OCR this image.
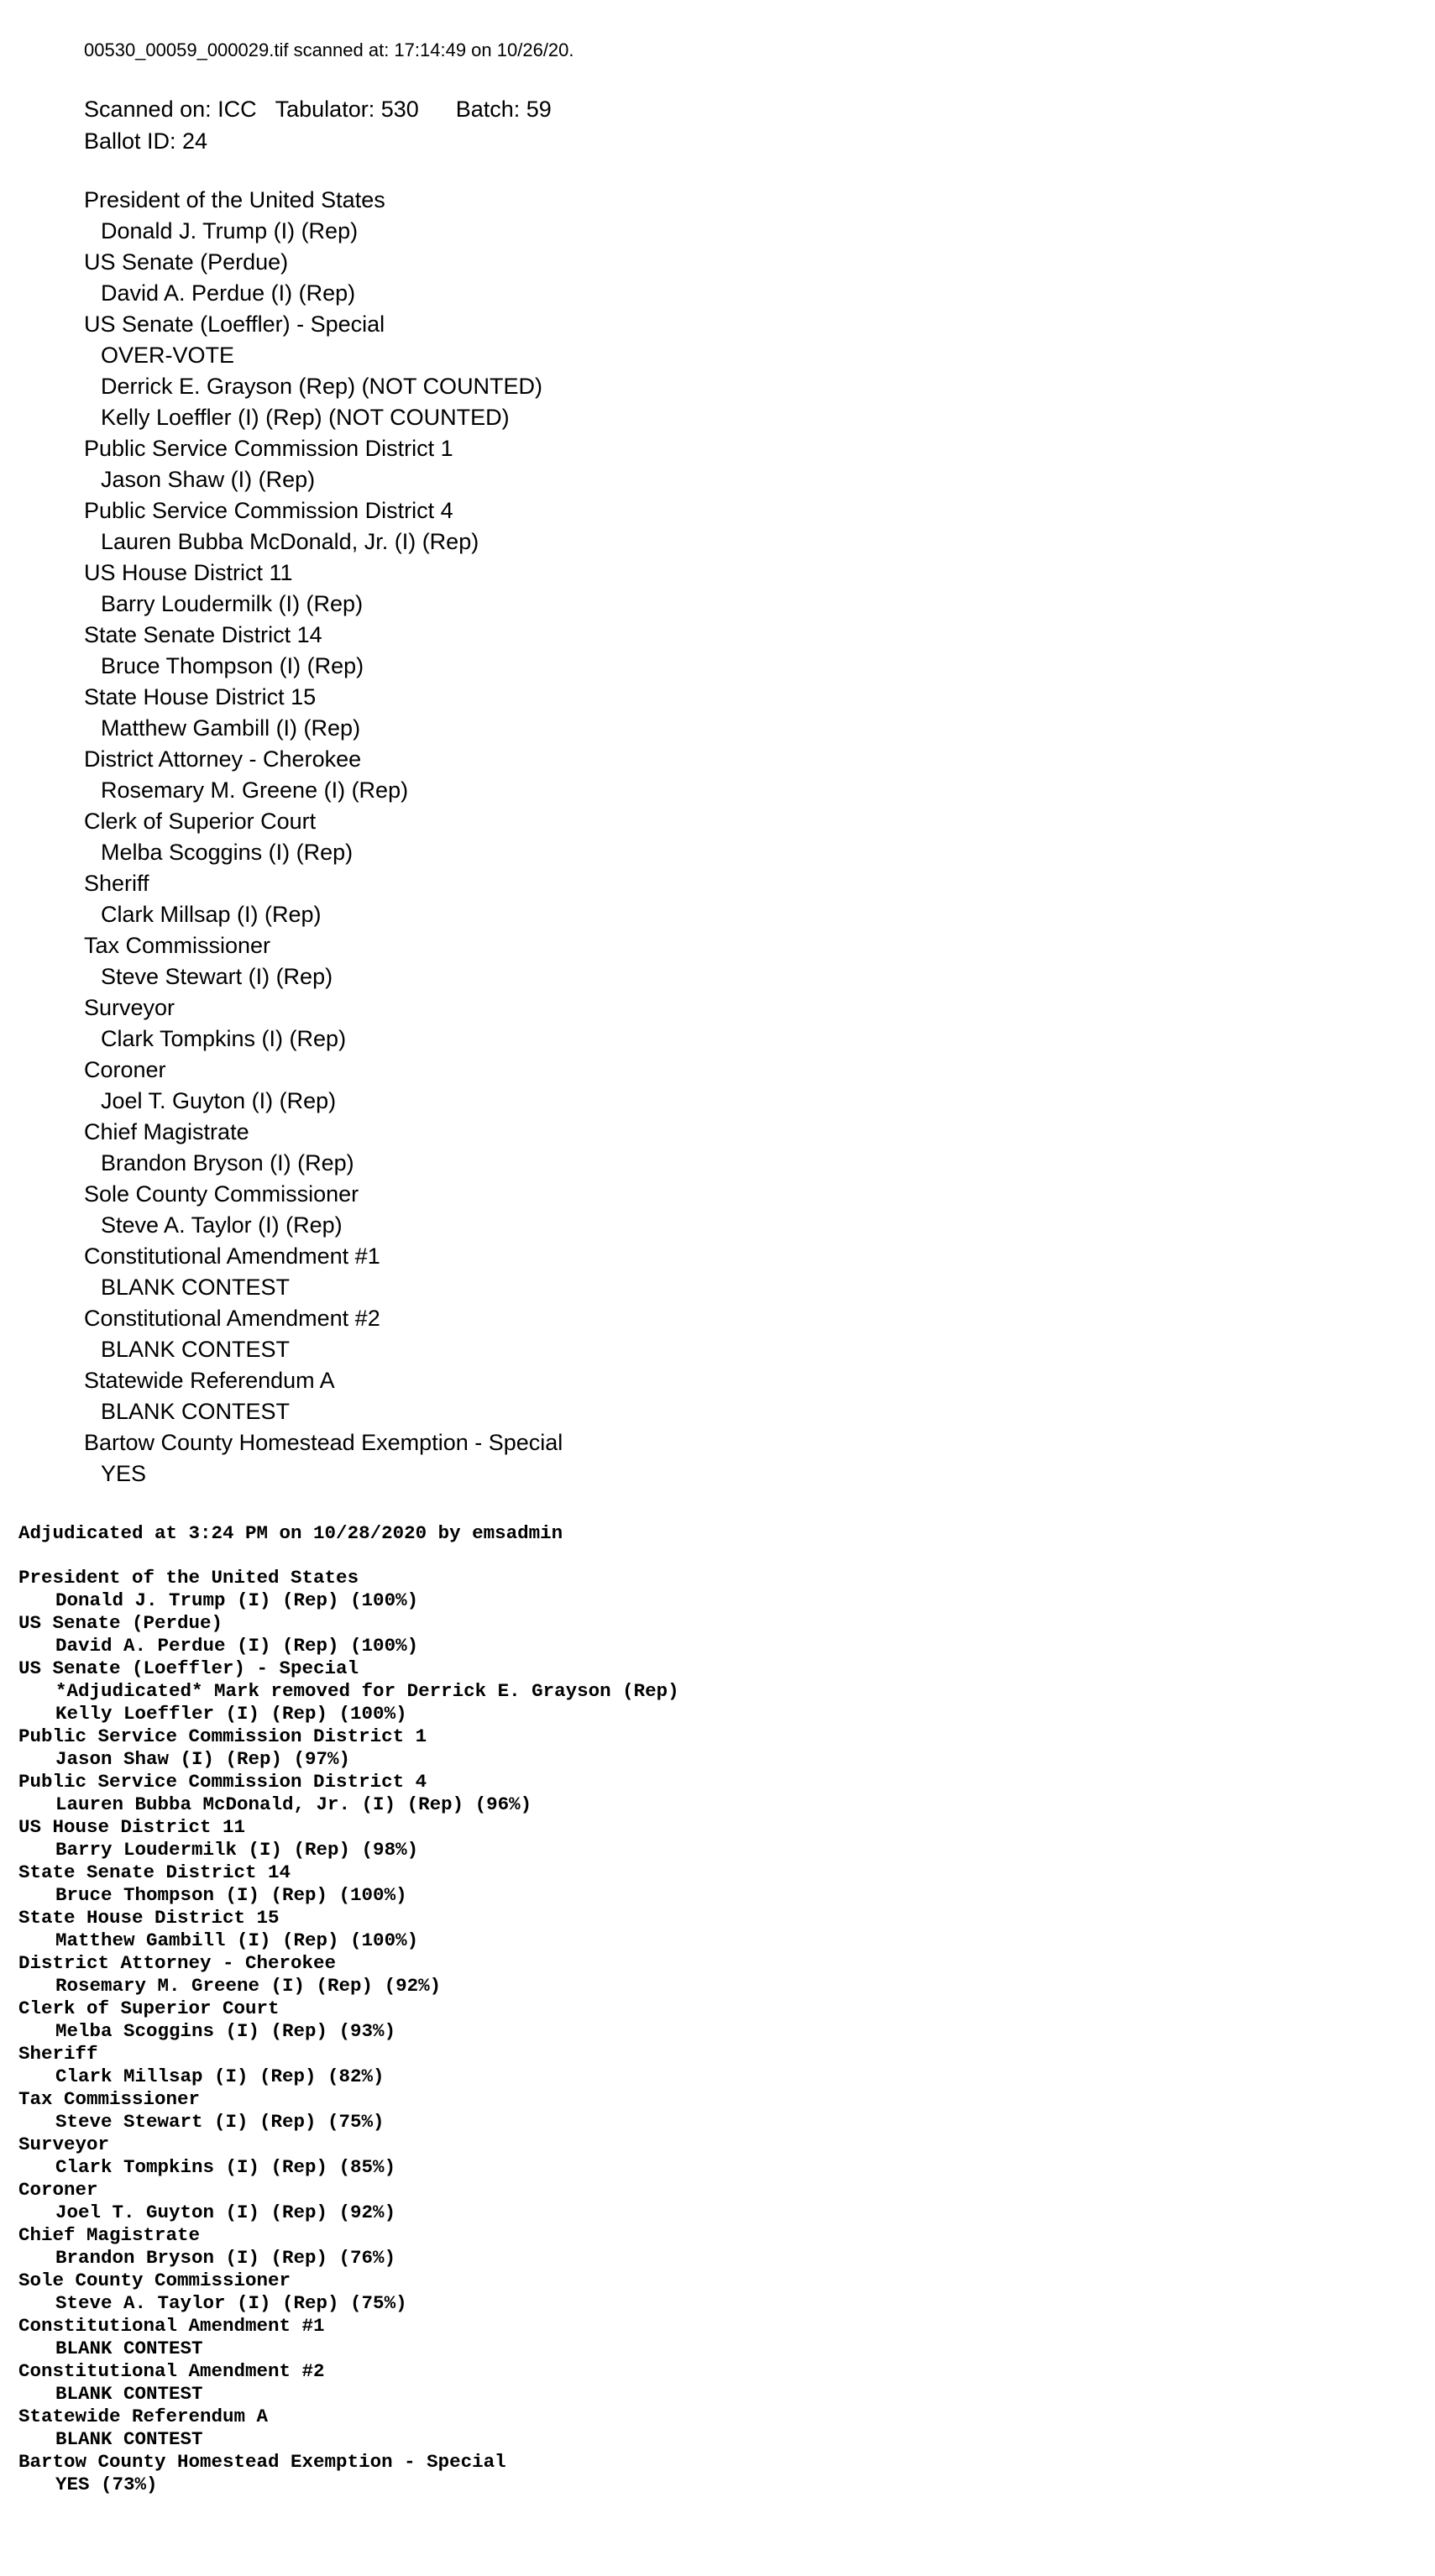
00530_00059_000029.tif scanned at: 17:14:49 on 10/26/20.

Scanned on: ICC Tabulator: 530 Batch: 59
Ballot ID: 24
President of the United States
Donald J. Trump (I) (Rep)
US Senate (Perdue)
David A. Perdue (I) (Rep)
US Senate (Loeffler) - Special
OVER-VOTE
Derrick E. Grayson (Rep) (NOT COUNTED)
Kelly Loeffler (I) (Rep) (NOT COUNTED)
Public Service Commission District 1
Jason Shaw (I) (Rep)
Public Service Commission District 4
Lauren Bubba McDonald, Jr. (I) (Rep)
US House District 11
Barry Loudermilk (I) (Rep)
State Senate District 14
Bruce Thompson (I) (Rep)
State House District 15
Matthew Gambill (I) (Rep)
District Attorney - Cherokee
Rosemary M. Greene (I) (Rep)
Clerk of Superior Court
Melba Scoggins (I) (Rep)
Sheriff
Clark Millsap (I) (Rep)
Tax Commissioner
Steve Stewart (I) (Rep)
Surveyor
Clark Tompkins (I) (Rep)
Coroner
Joel T. Guyton (I) (Rep)
Chief Magistrate
Brandon Bryson (I) (Rep)
Sole County Commissioner
Steve A. Taylor (I) (Rep)
Constitutional Amendment #1
BLANK CONTEST
Constitutional Amendment #2
BLANK CONTEST
Statewide Referendum A
BLANK CONTEST
Bartow County Homestead Exemption - Special
YES
Adjudicated at 3:24 PM on 10/28/2020 by emsadmin
President of the United States
Donald J. Trump (I) (Rep) (100%)
US Senate (Perdue)
David A. Perdue (I) (Rep) (100%)
US Senate (Loeffler) - Special
*Adjudicated* Mark removed for Derrick E. Grayson (Rep)
Kelly Loeffler (I) (Rep) (100%)
Public Service Commission District 1
Jason Shaw (I) (Rep) (97%)
Public Service Commission District 4
Lauren Bubba McDonald, Jr. (I) (Rep) (96%)
US House District 11
Barry Loudermilk (I) (Rep) (98%)
State Senate District 14
Bruce Thompson (I) (Rep) (100%)
State House District 15
Matthew Gambill (I) (Rep) (100%)
District Attorney - Cherokee
Rosemary M. Greene (I) (Rep) (92%)
Clerk of Superior Court
Melba Scoggins (I) (Rep) (93%)
Sheriff
Clark Millsap (I) (Rep) (82%)
Tax Commissioner
Steve Stewart (I) (Rep) (75%)
Surveyor
Clark Tompkins (I) (Rep) (85%)
Coroner
Joel T. Guyton (I) (Rep) (92%)
Chief Magistrate
Brandon Bryson (I) (Rep) (76%)
Sole County Commissioner
Steve A. Taylor (I) (Rep) (75%)
Constitutional Amendment #1
BLANK CONTEST
Constitutional Amendment #2
BLANK CONTEST
Statewide Referendum A
BLANK CONTEST
Bartow County Homestead Exemption - Special
YES (73%)
